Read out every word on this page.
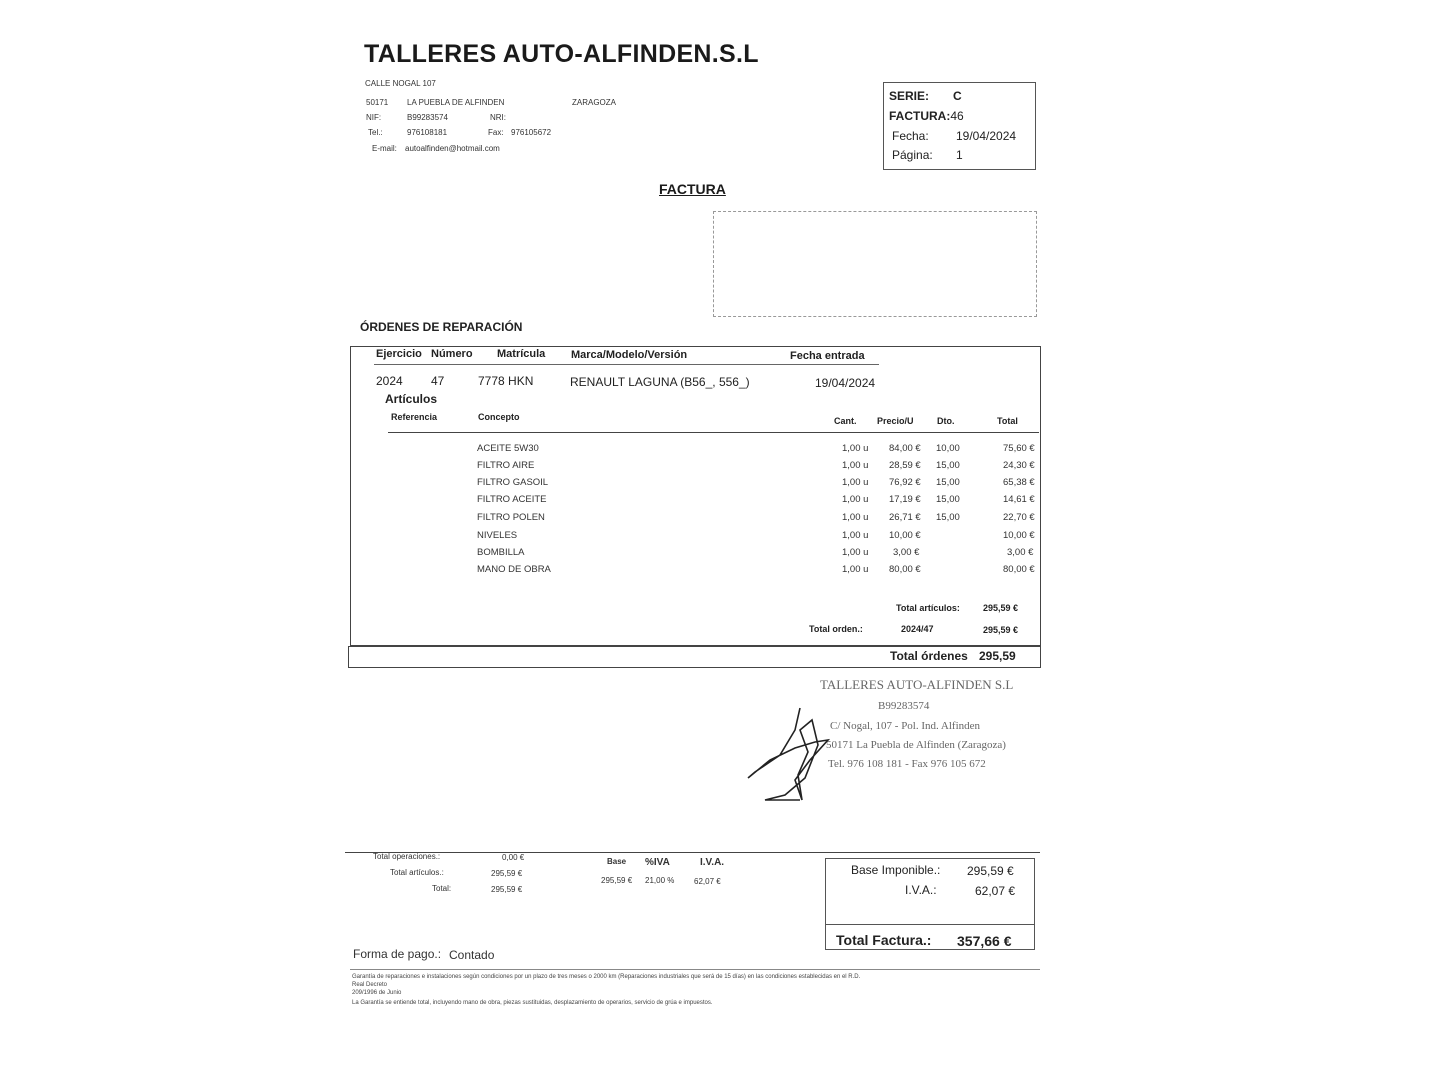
TALLERES AUTO-ALFINDEN.S.L
CALLE NOGAL 107
50171 LA PUEBLA DE ALFINDEN	ZARAGOZA
NIF:	B99283574	NRI:
Tel.:	976108181	Fax: 976105672
E-mail: autoalfinden@hotmail.com
SERIE: C
FACTURA:46
Fecha: 19/04/2024
Página: 1
FACTURA
ÓRDENES DE REPARACIÓN
Ejercicio Número Matrícula Marca/Modelo/Versión	Fecha entrada
2024 47	7778 HKN	RENAULT LAGUNA (B56_, 556_)	19/04/2024
Artículos
Referencia	Concepto	Cant. Precio/U	Dto.	Total
ACEITE 5W30	1,00 u 84,00 € 10,00	75,60 €
FILTRO AIRE	1,00 u 28,59 € 15,00	24,30 €
FILTRO GASOIL	1,00 u 76,92 € 15,00	65,38 €
FILTRO ACEITE	1,00 u 17,19 € 15,00	14,61 €
FILTRO POLEN	1,00 u 26,71 € 15,00	22,70 €
NIVELES	1,00 u 10,00 €	10,00 €
BOMBILLA	1,00 u	3,00 €	3,00 €
MANO DE OBRA	1,00 u 80,00 €	80,00 €
Total artículos:	295,59 €
Total orden.:	2024/47	295,59 €
Total órdenes 295,59
TALLERES AUTO-ALFINDEN S.L
B99283574
C/ Nogal, 107 - Pol. Ind. Alfinden
50171 La Puebla de Alfinden (Zaragoza)
Tel. 976 108 181 - Fax 976 105 672
Total operaciones.:	0,00 €
Total artículos.:	295,59 €
Total:	295,59 €
Base %IVA	I.V.A.
295,59 € 21,00 % 62,07 €
Base Imponible.: 295,59 €
I.V.A.:	62,07 €
Total Factura.: 357,66 €
Forma de pago.: Contado
Garantía de reparaciones e instalaciones según condiciones por un plazo de tres meses o 2000 km (Reparaciones industriales que será de 15 días) en las condiciones establecidas en el R.D.
Real Decreto
209/1996 de Junio
La Garantía se entiende total, incluyendo mano de obra, piezas sustituidas, desplazamiento de operarios, servicio de grúa e impuestos.
